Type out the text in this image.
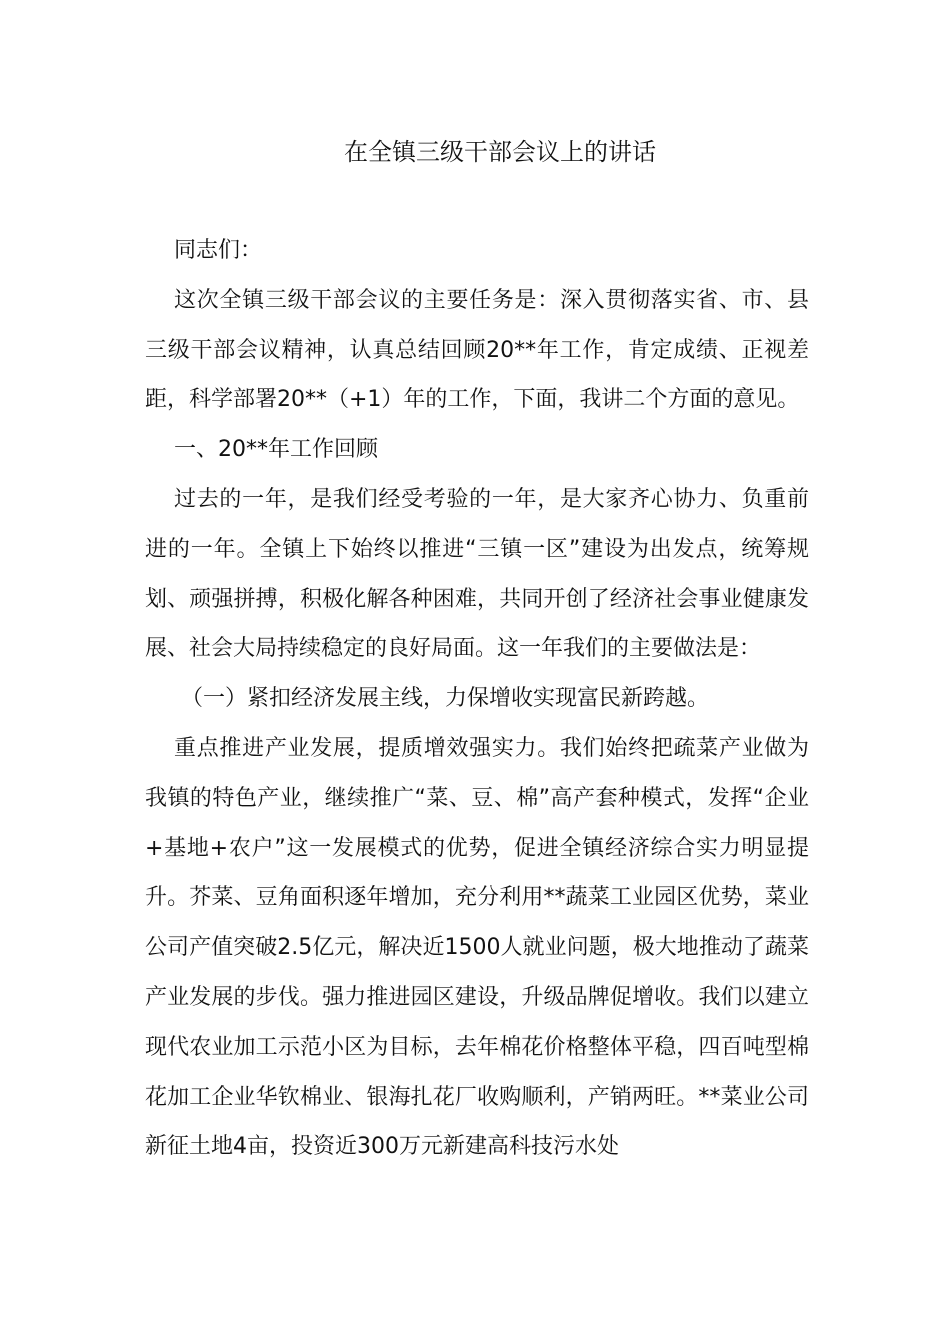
在全镇三级干部会议上的讲话

同志们：

这次全镇三级干部会议的主要任务是：深入贯彻落实省、市、县三级干部会议精神，认真总结回顾20**年工作，肯定成绩、正视差距，科学部署20**（+1）年的工作，下面，我讲二个方面的意见。

一、20**年工作回顾

过去的一年，是我们经受考验的一年，是大家齐心协力、负重前进的一年。全镇上下始终以推进“三镇一区”建设为出发点，统筹规划、顽强拼搏，积极化解各种困难，共同开创了经济社会事业健康发展、社会大局持续稳定的良好局面。这一年我们的主要做法是：

（一）紧扣经济发展主线，力保增收实现富民新跨越。

重点推进产业发展，提质增效强实力。我们始终把疏菜产业做为我镇的特色产业，继续推广“菜、豆、棉”高产套种模式，发挥“企业+基地+农户”这一发展模式的优势，促进全镇经济综合实力明显提升。芥菜、豆角面积逐年增加，充分利用**蔬菜工业园区优势，菜业公司产值突破2.5亿元，解决近1500人就业问题，极大地推动了蔬菜产业发展的步伐。强力推进园区建设，升级品牌促增收。我们以建立现代农业加工示范小区为目标，去年棉花价格整体平稳，四百吨型棉花加工企业华钦棉业、银海扎花厂收购顺利，产销两旺。**菜业公司新征土地4亩，投资近300万元新建高科技污水处
